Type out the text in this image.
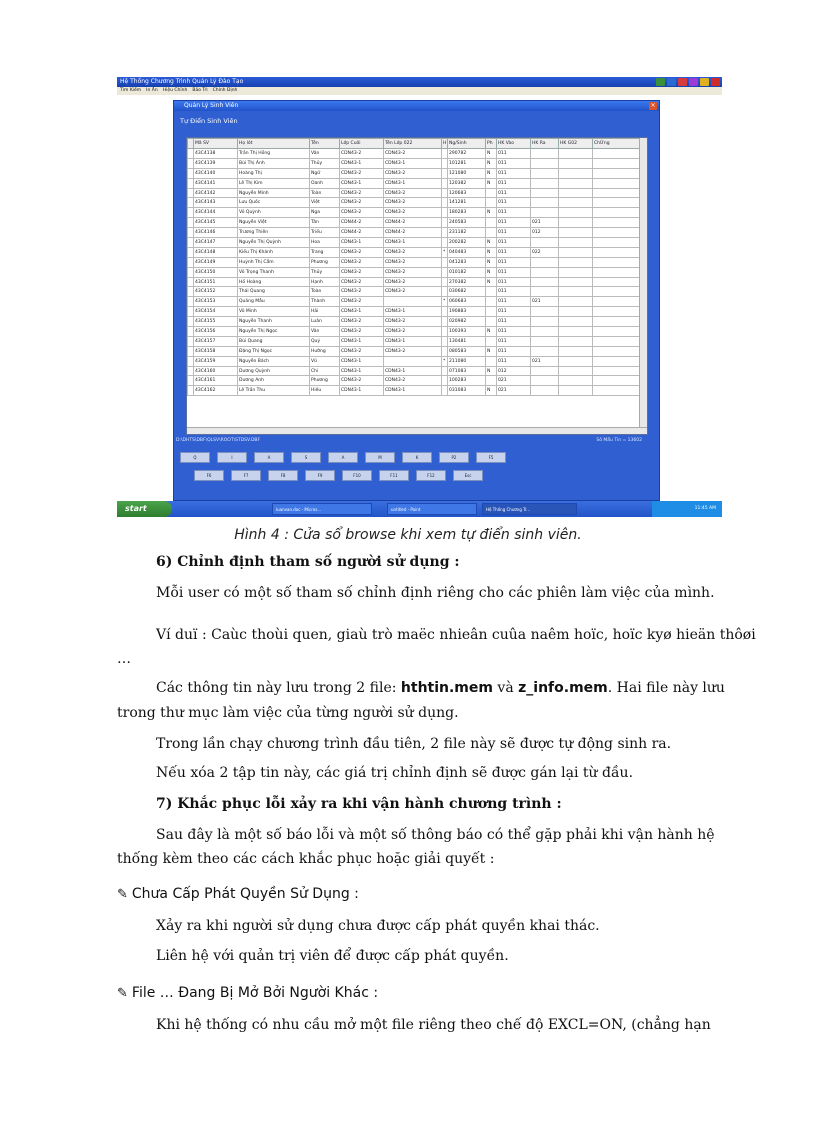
Hệ Thống Chương Trình Quản Lý Đào Tạo
Tìm Kiếm In Ấn Hiệu Chỉnh Bảo Trì Chính Định
Quản Lý Sinh Viên	×
Tự Điển Sinh Viên
	Mã SV	Họ lót	Tên	Lớp Cuối	Tên Lớp 022	H	Ng/Sinh	Ph	HK Vào	HK Ra	HK G02	ChỨng
	43C4138	Trần Thị Hồng	Vân	CDN43-2	CDN43-2		290782	N	011			
	43C4139	Bùi Thị Ánh	Thủy	CDN43-1	CDN43-1		101281	N	011			
	43C4140	Hoàng Thị	Ngữ	CDN43-2	CDN43-2		121080	N	011			
	43C4141	Lê Thị Kim	Oanh	CDN43-1	CDN43-1		120382	N	011			
	43C4142	Nguyễn Minh	Toàn	CDN43-2	CDN43-2		120683		011			
	43C4143	Lưu Quốc	Việt	CDN43-2	CDN43-2		141281		011			
	43C4144	Võ Quỳnh	Nga	CDN43-2	CDN43-2		180283	N	011			
	43C4145	Nguyễn Việt	Tân	CDN44-2	CDN44-2		240583		011	021		
	43C4146	Trương Thiên	Triều	CDN44-2	CDN44-2		231182		011	012		
	43C4147	Nguyễn Thị Quỳnh	Hoa	CDN43-1	CDN43-1		200282	N	011			
	43C4148	Kiều Thị Khánh	Trang	CDN43-2	CDN43-2	*	040483	N	011	022		
	43C4149	Huỳnh Thị Cẩm	Phương	CDN43-2	CDN43-2		041283	N	011			
	43C4150	Võ Trọng Thanh	Thủy	CDN43-2	CDN43-2		010182	N	011			
	43C4151	Hồ Hoàng	Hạnh	CDN43-2	CDN43-2		270382	N	011			
	43C4152	Thái Quang	Toàn	CDN43-2	CDN43-2		030682		011			
	43C4153	Quảng Mẫu	Thành	CDN43-2		*	060683		011	021		
	43C4154	Võ Minh	Hải	CDN43-1	CDN43-1		190883		011			
	43C4155	Nguyễn Thanh	Luân	CDN43-2	CDN43-2		020982		011			
	43C4156	Nguyễn Thị Ngọc	Vân	CDN43-2	CDN43-2		100393	N	011			
	43C4157	Bùi Quang	Quý	CDN43-1	CDN43-1		130481		011			
	43C4158	Đặng Thị Ngọc	Hường	CDN43-2	CDN43-2		080583	N	011			
	43C4159	Nguyễn Bách	Vũ	CDN43-1		*	211080		011	021		
	43C4160	Dương Quỳnh	Chi	CDN43-1	CDN43-1		071083	N	012			
	43C4161	Dương Anh	Phương	CDN43-2	CDN43-2		100283		021			
	43C4162	Lê Trần Thu	Hiếu	CDN43-1	CDN43-1		031083	N	021			
D:\DHTS\DBF\QLSV\ROOT\STDSV.DBF	Số Mẩu Tin = 13602
Q	I	A	S	A	M	K	P2	F5
F6	F7	F8	F9	F10	F11	F12	Esc
start	luanvan.doc - Micros...	untitled - Paint	Hệ Thống Chương Tr...	11:45 AM
Hình 4 : Cửa sổ browse khi xem tự điển sinh viên.
6) Chỉnh định tham số người sử dụng :
Mỗi user có một số tham số chỉnh định riêng cho các phiên làm việc của mình.
Ví duï : Caùc thoùi quen, giaù trò maëc nhieân cuûa naêm hoïc, hoïc kyø hieän thôøi
…
Các thông tin này lưu trong 2 file: hthtin.mem và z_info.mem. Hai file này lưu
trong thư mục làm việc của từng người sử dụng.
Trong lần chạy chương trình đầu tiên, 2 file này sẽ được tự động sinh ra.
Nếu xóa 2 tập tin này, các giá trị chỉnh định sẽ được gán lại từ đầu.
7) Khắc phục lỗi xảy ra khi vận hành chương trình :
Sau đây là một số báo lỗi và một số thông báo có thể gặp phải khi vận hành hệ
thống kèm theo các cách khắc phục hoặc giải quyết :
✎ Chưa Cấp Phát Quyền Sử Dụng :
Xảy ra khi người sử dụng chưa được cấp phát quyền khai thác.
Liên hệ với quản trị viên để được cấp phát quyền.
✎ File … Đang Bị Mở Bởi Người Khác :
Khi hệ thống có nhu cầu mở một file riêng theo chế độ EXCL=ON, (chẳng hạn
